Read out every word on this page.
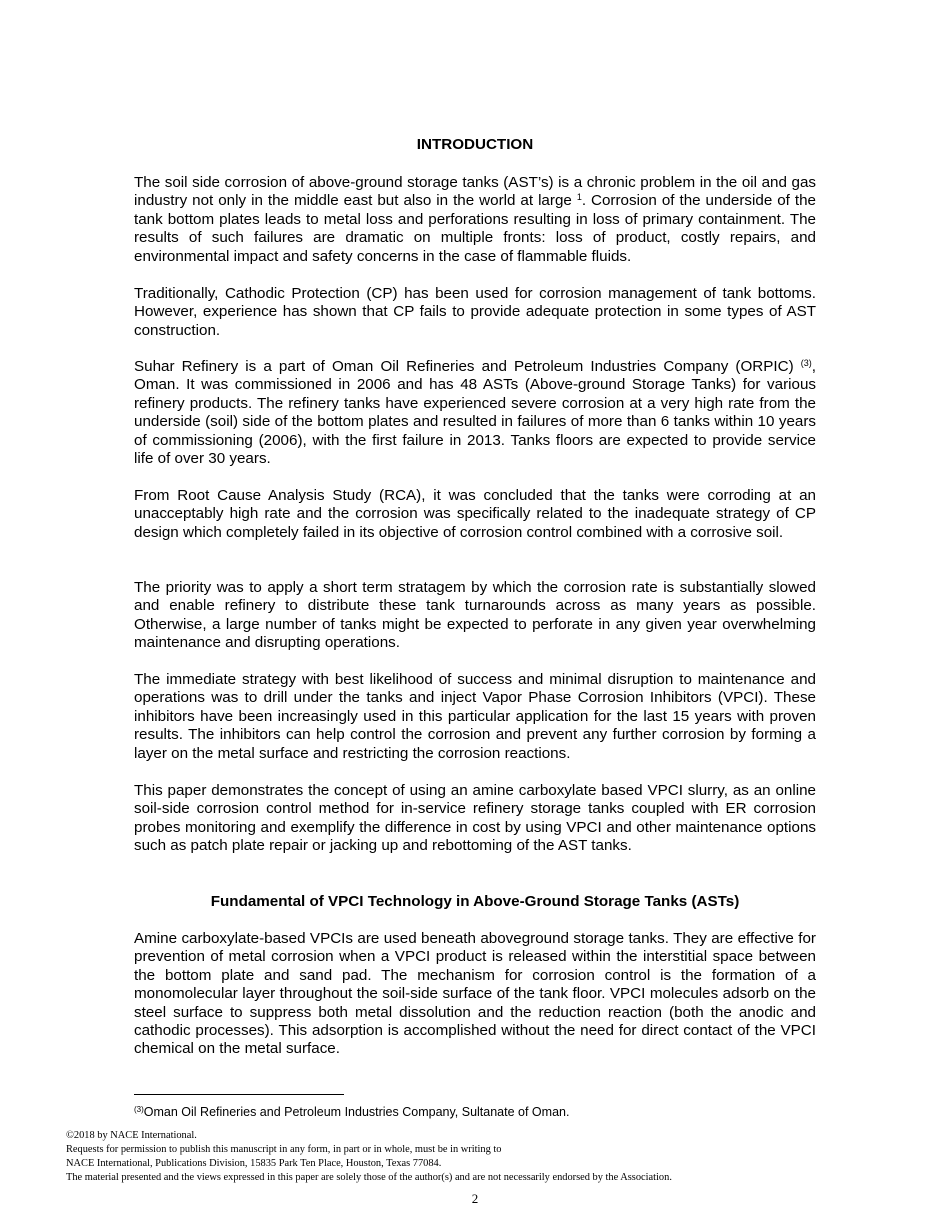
INTRODUCTION

The soil side corrosion of above-ground storage tanks (AST’s) is a chronic problem in the oil and gas industry not only in the middle east but also in the world at large $^1$. Corrosion of the underside of the tank bottom plates leads to metal loss and perforations resulting in loss of primary containment. The results of such failures are dramatic on multiple fronts: loss of product, costly repairs, and environmental impact and safety concerns in the case of flammable fluids.

Traditionally, Cathodic Protection (CP) has been used for corrosion management of tank bottoms. However, experience has shown that CP fails to provide adequate protection in some types of AST construction.

Suhar Refinery is a part of Oman Oil Refineries and Petroleum Industries Company (ORPIC) $^{(3)}$, Oman. It was commissioned in 2006 and has 48 ASTs (Above-ground Storage Tanks) for various refinery products. The refinery tanks have experienced severe corrosion at a very high rate from the underside (soil) side of the bottom plates and resulted in failures of more than 6 tanks within 10 years of commissioning (2006), with the first failure in 2013. Tanks floors are expected to provide service life of over 30 years.

From Root Cause Analysis Study (RCA), it was concluded that the tanks were corroding at an unacceptably high rate and the corrosion was specifically related to the inadequate strategy of CP design which completely failed in its objective of corrosion control combined with a corrosive soil.

The priority was to apply a short term stratagem by which the corrosion rate is substantially slowed and enable refinery to distribute these tank turnarounds across as many years as possible. Otherwise, a large number of tanks might be expected to perforate in any given year overwhelming maintenance and disrupting operations.

The immediate strategy with best likelihood of success and minimal disruption to maintenance and operations was to drill under the tanks and inject Vapor Phase Corrosion Inhibitors (VPCI). These inhibitors have been increasingly used in this particular application for the last 15 years with proven results. The inhibitors can help control the corrosion and prevent any further corrosion by forming a layer on the metal surface and restricting the corrosion reactions.

This paper demonstrates the concept of using an amine carboxylate based VPCI slurry, as an online soil-side corrosion control method for in-service refinery storage tanks coupled with ER corrosion probes monitoring and exemplify the difference in cost by using VPCI and other maintenance options such as patch plate repair or jacking up and rebottoming of the AST tanks.

Fundamental of VPCI Technology in Above-Ground Storage Tanks (ASTs)

Amine carboxylate-based VPCIs are used beneath aboveground storage tanks. They are effective for prevention of metal corrosion when a VPCI product is released within the interstitial space between the bottom plate and sand pad. The mechanism for corrosion control is the formation of a monomolecular layer throughout the soil-side surface of the tank floor. VPCI molecules adsorb on the steel surface to suppress both metal dissolution and the reduction reaction (both the anodic and cathodic processes). This adsorption is accomplished without the need for direct contact of the VPCI chemical on the metal surface.

$^{(3)}$Oman Oil Refineries and Petroleum Industries Company, Sultanate of Oman.
©2018 by NACE International.
Requests for permission to publish this manuscript in any form, in part or in whole, must be in writing to
NACE International, Publications Division, 15835 Park Ten Place, Houston, Texas 77084.
The material presented and the views expressed in this paper are solely those of the author(s) and are not necessarily endorsed by the Association.
2
